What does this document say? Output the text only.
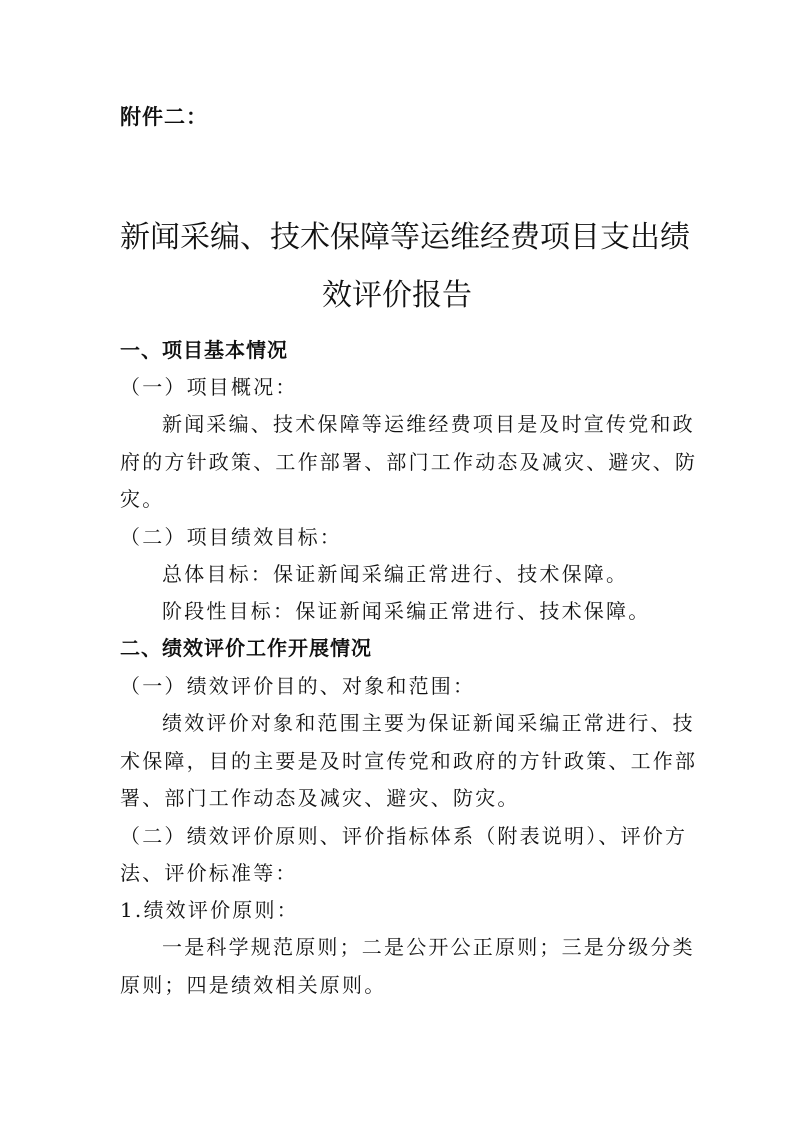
附件二：
新闻采编、技术保障等运维经费项目支出绩
效评价报告
一、项目基本情况
（一）项目概况：
新闻采编、技术保障等运维经费项目是及时宣传党和政
府的方针政策、工作部署、部门工作动态及减灾、避灾、防
灾。
（二）项目绩效目标：
总体目标：保证新闻采编正常进行、技术保障。
阶段性目标：保证新闻采编正常进行、技术保障。
二、绩效评价工作开展情况
（一）绩效评价目的、对象和范围：
绩效评价对象和范围主要为保证新闻采编正常进行、技
术保障，目的主要是及时宣传党和政府的方针政策、工作部
署、部门工作动态及减灾、避灾、防灾。
（二）绩效评价原则、评价指标体系（附表说明）、评价方
法、评价标准等：
1.绩效评价原则：
一是科学规范原则；二是公开公正原则；三是分级分类
原则；四是绩效相关原则。
